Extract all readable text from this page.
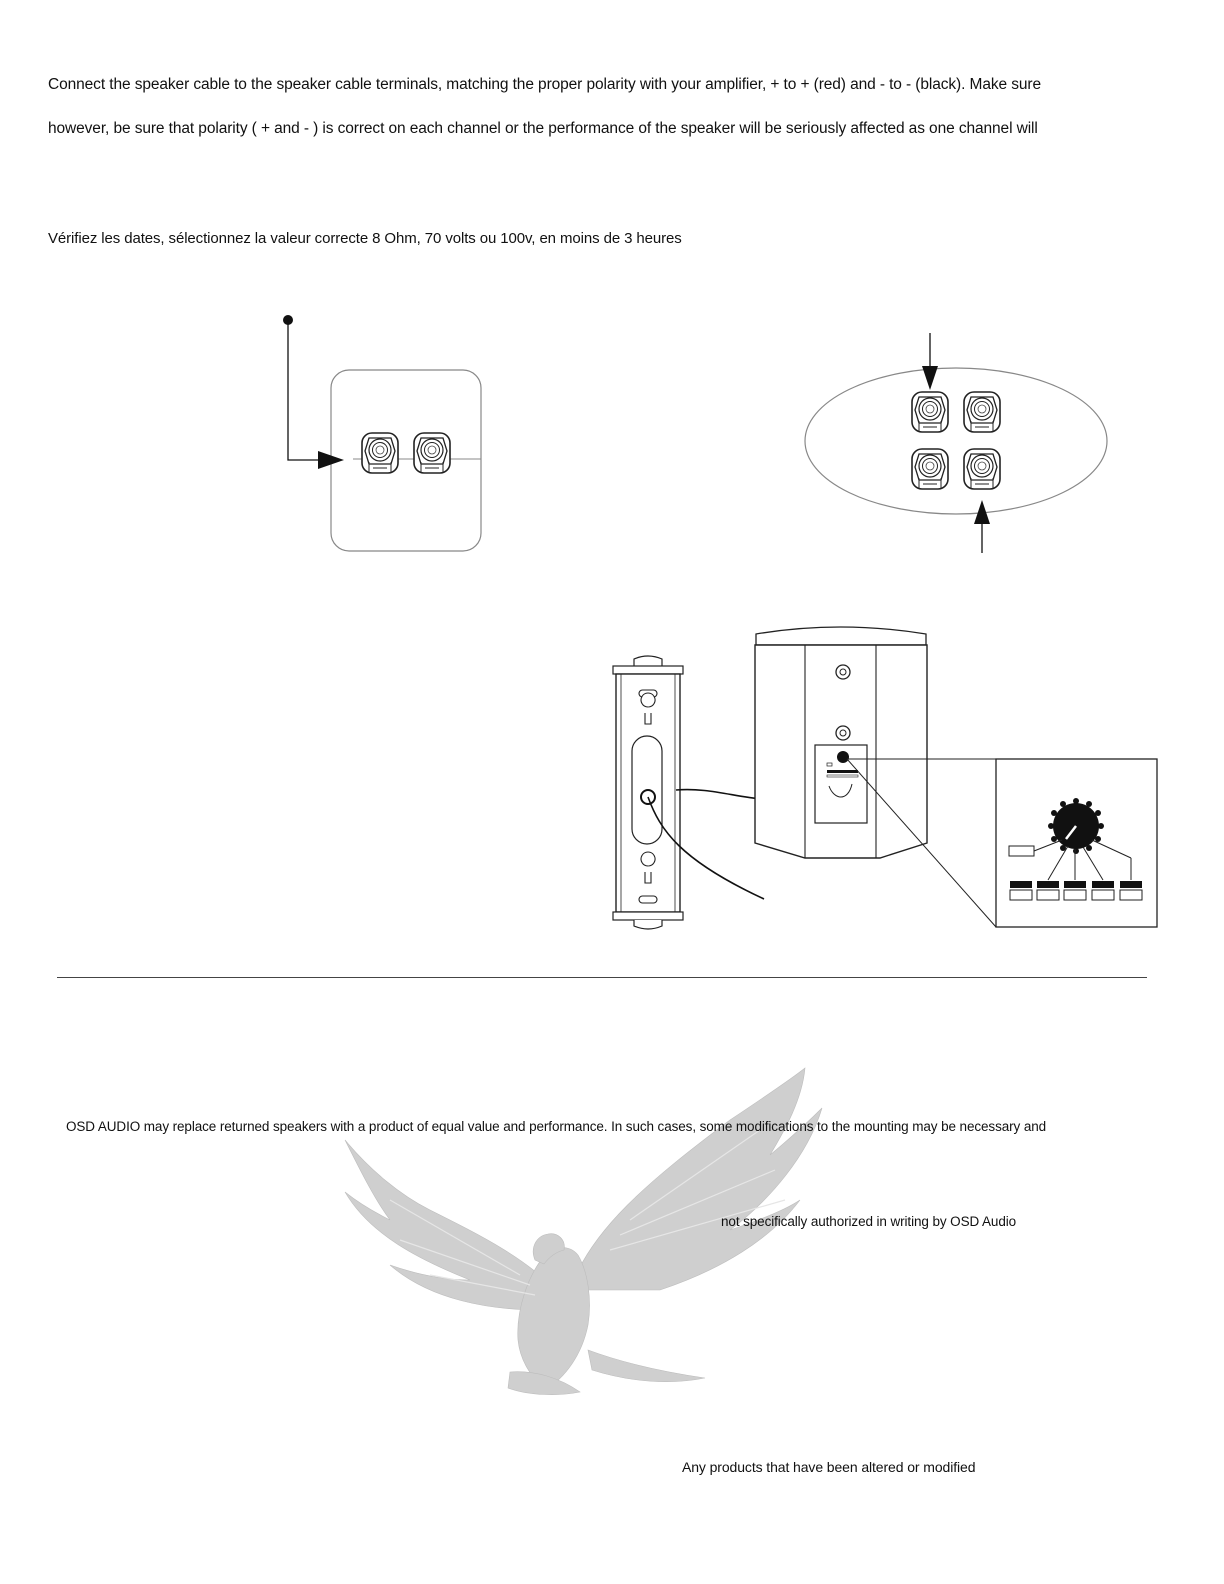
Connect the speaker cable to the speaker cable terminals, matching the proper polarity with your amplifier, + to + (red) and - to - (black). Make sure
however, be sure that polarity ( + and - ) is correct on each channel or the performance of the speaker will be seriously affected as one channel will
Vérifiez les dates, sélectionnez la valeur correcte 8 Ohm, 70 volts ou 100v, en moins de 3 heures
OSD AUDIO may replace returned speakers with a product of equal value and performance. In such cases, some modifications to the mounting may be necessary and
not specifically authorized in writing by OSD Audio
Any products that have been altered or modified
